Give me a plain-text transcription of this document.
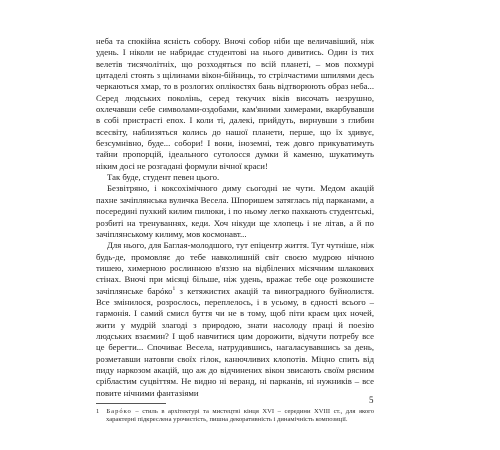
неба та спокійна ясність собору. Вночі собор ніби ще величавіший, ніж удень. І ніколи не набридає студентові на нього дивитись. Один із тих велетів тисячолітніх, що розходяться по всій планеті, – мов похмурі цитаделі стоять з щілинами вікон-бійниць, то стрілчастими шпилями десь черкаються хмар, то в розлогих оплікостях бань відтворюють образ неба... Серед людських поколінь, серед текучих віків височать незрушно, охлечавши себе символами-оздобами, кам'яними химерами, вкарбувавши в собі пристрасті епох. І коли ті, далекі, прийдуть, вирнувши з глибин всесвіту, наблизяться колись до нашої планети, перше, що їх здивує, безсумнівно, буде... собори! І вони, іноземні, теж довго прикуватимуть тайни пропорцій, ідеального сутолосся думки й каменю, шукатимуть ніким досі не розгадані формули вічної краси!

Так буде, студент певен цього.

Безвітряно, і коксохімічного диму сьогодні не чути. Медом акацій пахне зачіплянська вуличка Весела. Шпоришем затяглась під парканами, а посередині пухкий килим пилюки, і по ньому легко пахкають студентські, розбиті на тренуваннях, кеди. Хоч нікуди ще хлопець і не літав, а й по зачіплянському килиму, мов космонавт...

Для нього, для Баглая-молодшого, тут епіцентр життя. Тут чутніше, ніж будь-де, промовляє до тебе навколишній світ своєю мудрою нічною тишею, химерною рослинною в'яззю на відбілених місячним шлакових стінах. Вночі при місяці більше, ніж удень, вражає тебе оце розкошисте зачіплянське барóко$^1$ з кетяжистих акацій та виноградного буйнолистя. Все змінилося, розрослось, переплелось, і в усьому, в єдності всього – гармонія. І самий смисл буття чи не в тому, щоб піти краєм цих ночей, жити у мудрій злагоді з природою, знати насолоду праці й поезію людських взаємин? І щоб навчитися цим дорожити, відчути потребу все це берегти... Спочиває Весела, натрудившись, нагаласувавшись за день, розметавши натовпи своїх гілок, канючливих клопотів. Міцно спить від пиду наркозом акацій, що аж до відчинених вікон звисають своїм рясним срібластим суцвіттям. Не видно ні веранд, ні парканів, ні нужників – все повите нічними фантазіями

1 Барóко – стиль в архітектурі та мистецтві кінця XVI – середини XVIII ст., для якого характерні підкреслена урочистість, пишна декоративність і динамічність композиції.

5
